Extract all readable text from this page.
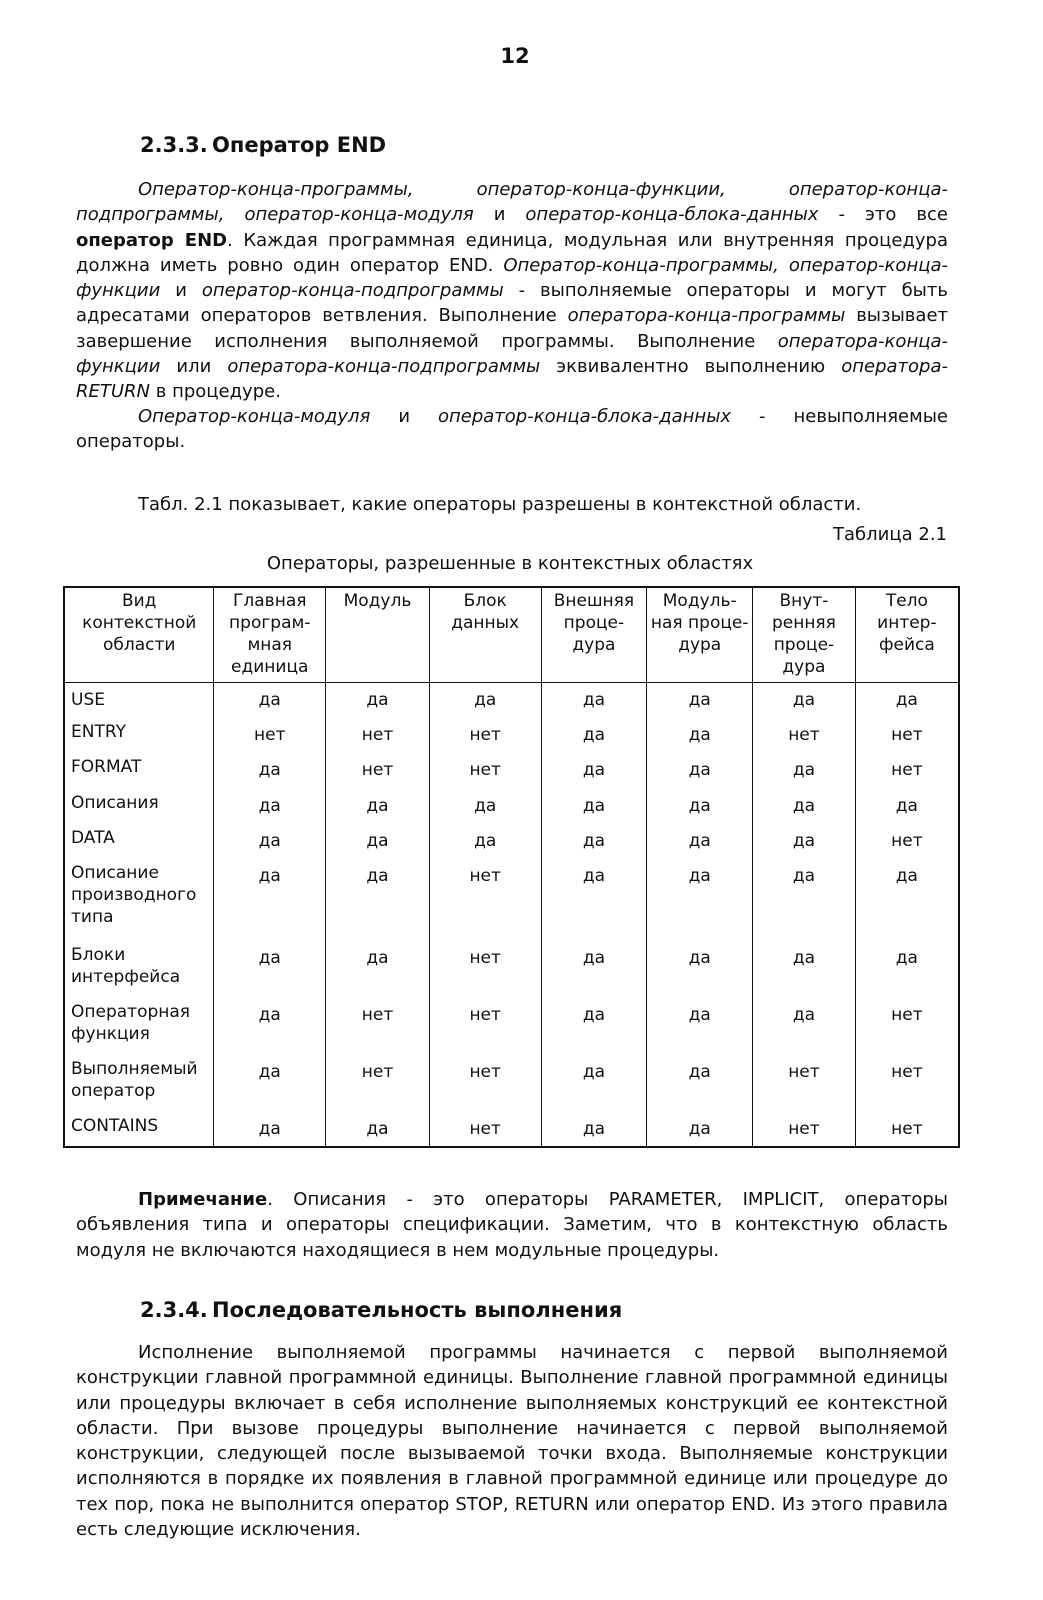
12
2.3.3. Оператор END
Оператор-конца-программы,	оператор-конца-функции,	оператор-конца-подпрограммы, оператор-конца-модуля и оператор-конца-блока-данных - это все оператор END. Каждая программная единица, модульная или внутренняя процедура должна иметь ровно один оператор END. Оператор-конца-программы, оператор-конца-функции и оператор-конца-подпрограммы - выполняемые операторы и могут быть адресатами операторов ветвления. Выполнение оператора-конца-программы вызывает завершение исполнения выполняемой программы. Выполнение оператора-конца-функции или оператора-конца-подпрограммы эквивалентно выполнению оператора-RETURN в процедуре.
Оператор-конца-модуля и оператор-конца-блока-данных - невыполняемые операторы.
Табл. 2.1 показывает, какие операторы разрешены в контекстной области.
Таблица 2.1
Операторы, разрешенные в контекстных областях
Вид контекстной области	Главная програм-мная единица	Модуль	Блок данных	Внешняя проце-дура	Модуль-ная проце-дура	Внут-ренняя проце-дура	Тело интер-фейса
USE	да	да	да	да	да	да	да
ENTRY	нет	нет	нет	да	да	нет	нет
FORMAT	да	нет	нет	да	да	да	нет
Описания	да	да	да	да	да	да	да
DATA	да	да	да	да	да	да	нет
Описание производного типа	да	да	нет	да	да	да	да
Блоки интерфейса	да	да	нет	да	да	да	да
Операторная функция	да	нет	нет	да	да	да	нет
Выполняемый оператор	да	нет	нет	да	да	нет	нет
CONTAINS	да	да	нет	да	да	нет	нет
Примечание. Описания - это операторы PARAMETER, IMPLICIT, операторы объявления типа и операторы спецификации. Заметим, что в контекстную область модуля не включаются находящиеся в нем модульные процедуры.
2.3.4. Последовательность выполнения
Исполнение выполняемой программы начинается с первой выполняемой конструкции главной программной единицы. Выполнение главной программной единицы или процедуры включает в себя исполнение выполняемых конструкций ее контекстной области. При вызове процедуры выполнение начинается с первой выполняемой конструкции, следующей после вызываемой точки входа. Выполняемые конструкции исполняются в порядке их появления в главной программной единице или процедуре до тех пор, пока не выполнится оператор STOP, RETURN или оператор END. Из этого правила есть следующие исключения.
